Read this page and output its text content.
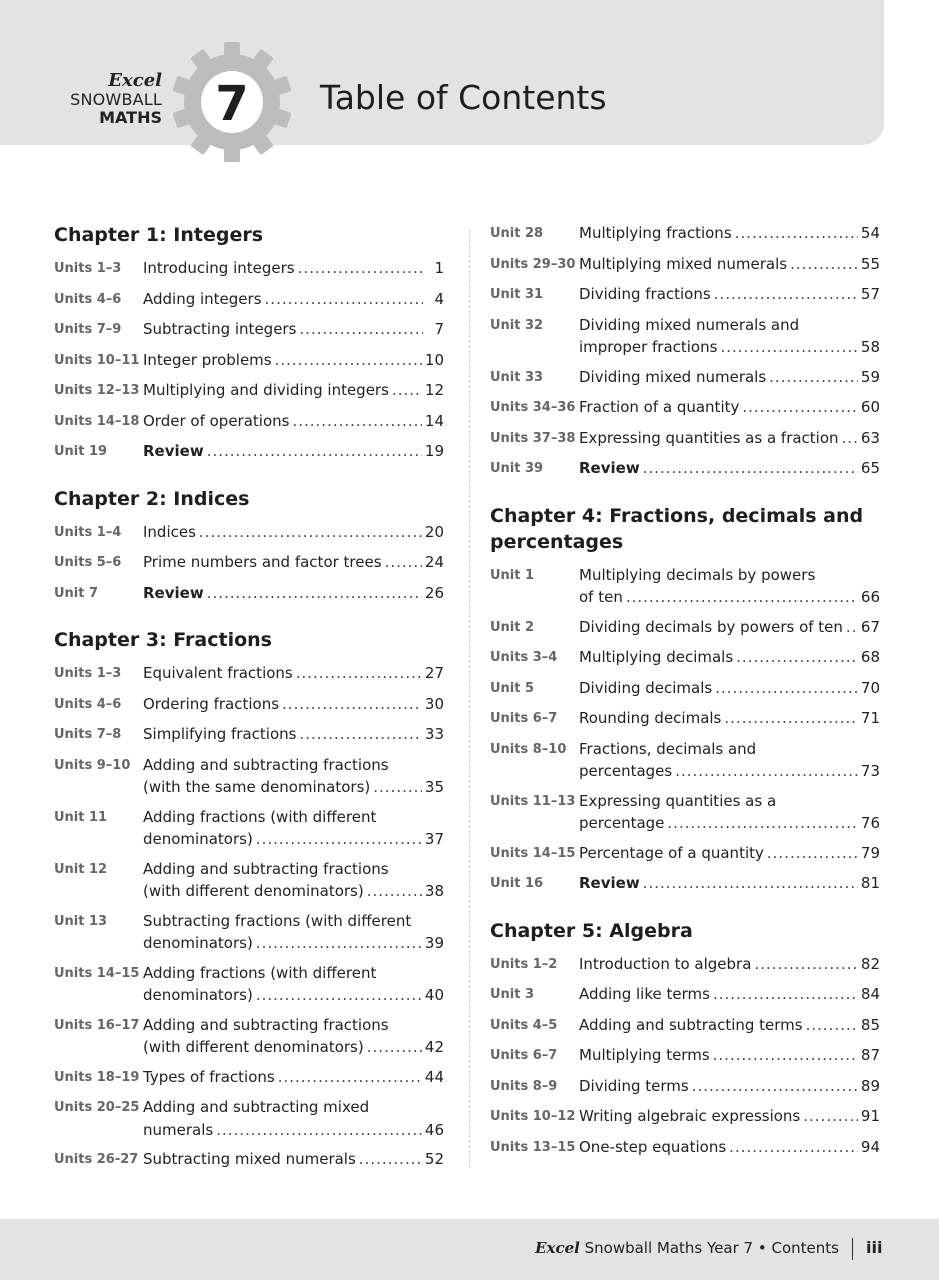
Excel
SNOWBALL
MATHS 7 Table of Contents
Chapter 1: Integers
Units 1–3	Introducing integers .....	1
Units 4–6	Adding integers .....	4
Units 7–9	Subtracting integers .....	7
Units 10–11 Integer problems .....	10
Units 12–13 Multiplying and dividing integers ..... 12
Units 14–18 Order of operations .....	14
Unit 19	Review .....	19
Chapter 2: Indices
Units 1–4	Indices .....	20
Units 5–6	Prime numbers and factor trees .....	24
Unit 7	Review .....	26
Chapter 3: Fractions
Units 1–3	Equivalent fractions .....	27
Units 4–6	Ordering fractions .....	30
Units 7–8	Simplifying fractions .....	33
Units 9–10 Adding and subtracting fractions
(with the same denominators) .....	35
Unit 11	Adding fractions (with different
denominators) .....	37
Unit 12	Adding and subtracting fractions
(with different denominators) .....	38
Unit 13	Subtracting fractions (with different
denominators) .....	39
Units 14–15 Adding fractions (with different
denominators) .....	40
Units 16–17 Adding and subtracting fractions
(with different denominators) .....	42
Units 18–19 Types of fractions .....	44
Units 20–25 Adding and subtracting mixed
numerals .....	46
Units 26-27 Subtracting mixed numerals .....	52
Unit 28	Multiplying fractions .....	54
Units 29–30 Multiplying mixed numerals .....	55
Unit 31	Dividing fractions .....	57
Unit 32	Dividing mixed numerals and
improper fractions .....	58
Unit 33	Dividing mixed numerals .....	59
Units 34–36 Fraction of a quantity .....	60
Units 37–38 Expressing quantities as a fraction ..... 63
Unit 39	Review .....	65
Chapter 4: Fractions, decimals and percentages
Unit 1	Multiplying decimals by powers
of ten .....	66
Unit 2	Dividing decimals by powers of ten ..... 67
Units 3–4	Multiplying decimals .....	68
Unit 5	Dividing decimals .....	70
Units 6–7	Rounding decimals .....	71
Units 8–10 Fractions, decimals and
percentages .....	73
Units 11–13 Expressing quantities as a
percentage .....	76
Units 14–15 Percentage of a quantity .....	79
Unit 16	Review .....	81
Chapter 5: Algebra
Units 1–2	Introduction to algebra .....	82
Unit 3	Adding like terms .....	84
Units 4–5	Adding and subtracting terms .....	85
Units 6–7	Multiplying terms .....	87
Units 8–9	Dividing terms .....	89
Units 10–12 Writing algebraic expressions .....	91
Units 13–15 One-step equations .....	94
Excel Snowball Maths Year 7 • Contents iii
